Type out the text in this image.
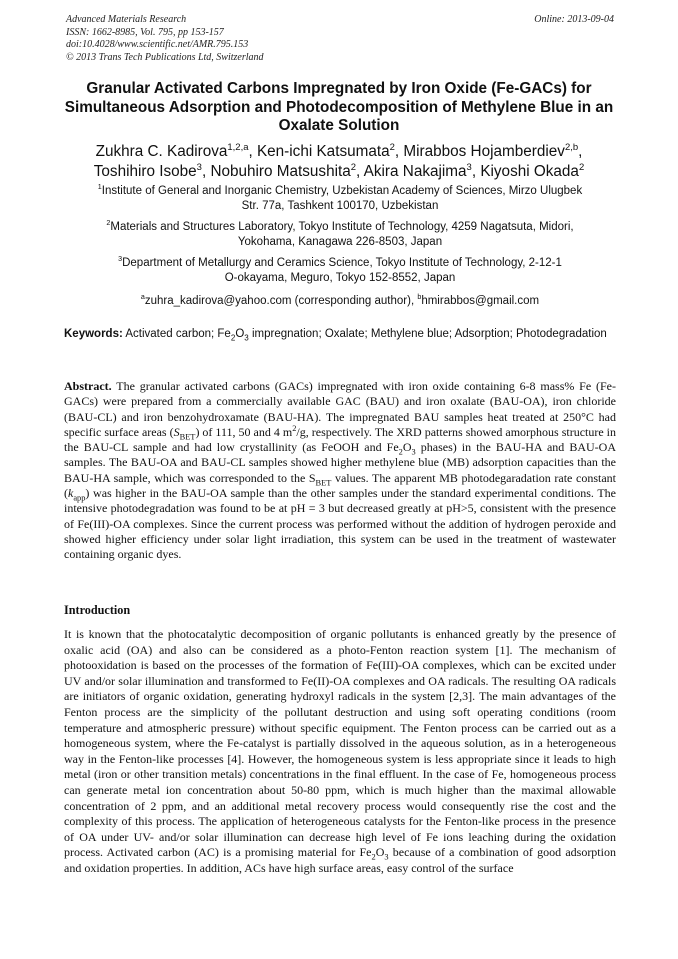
Advanced Materials Research
ISSN: 1662-8985, Vol. 795, pp 153-157
doi:10.4028/www.scientific.net/AMR.795.153
© 2013 Trans Tech Publications Ltd, Switzerland
Online: 2013-09-04
Granular Activated Carbons Impregnated by Iron Oxide (Fe-GACs) for Simultaneous Adsorption and Photodecomposition of Methylene Blue in an Oxalate Solution
Zukhra C. Kadirova$^{1,2,a}$, Ken-ichi Katsumata$^2$, Mirabbos Hojamberdiev$^{2,b}$,
Toshihiro Isobe$^3$, Nobuhiro Matsushita$^2$, Akira Nakajima$^3$, Kiyoshi Okada$^2$
$^1$Institute of General and Inorganic Chemistry, Uzbekistan Academy of Sciences, Mirzo Ulugbek
Str. 77a, Tashkent 100170, Uzbekistan
$^2$Materials and Structures Laboratory, Tokyo Institute of Technology, 4259 Nagatsuta, Midori,
Yokohama, Kanagawa 226-8503, Japan
$^3$Department of Metallurgy and Ceramics Science, Tokyo Institute of Technology, 2-12-1
O-okayama, Meguro, Tokyo 152-8552, Japan
$^a$zuhra_kadirova@yahoo.com (corresponding author), $^b$hmirabbos@gmail.com
Keywords: Activated carbon; $Fe_2O_3$ impregnation; Oxalate; Methylene blue; Adsorption; Photodegradation
Abstract. The granular activated carbons (GACs) impregnated with iron oxide containing 6-8 mass% Fe (Fe-GACs) were prepared from a commercially available GAC (BAU) and iron oxalate (BAU-OA), iron chloride (BAU-CL) and iron benzohydroxamate (BAU-HA). The impregnated BAU samples heat treated at 250°C had specific surface areas $(S_{BET})$ of 111, 50 and 4 $m^2/g$, respectively. The XRD patterns showed amorphous structure in the BAU-CL sample and had low crystallinity (as FeOOH and $Fe_2O_3$ phases) in the BAU-HA and BAU-OA samples. The BAU-OA and BAU-CL samples showed higher methylene blue (MB) adsorption capacities than the BAU-HA sample, which was corresponded to the $S_{BET}$ values. The apparent MB photodegaradation rate constant $(k_{app})$ was higher in the BAU-OA sample than the other samples under the standard experimental conditions. The intensive photodegradation was found to be at pH = 3 but decreased greatly at pH>5, consistent with the presence of Fe(III)-OA complexes. Since the current process was performed without the addition of hydrogen peroxide and showed higher efficiency under solar light irradiation, this system can be used in the treatment of wastewater containing organic dyes.
Introduction
It is known that the photocatalytic decomposition of organic pollutants is enhanced greatly by the presence of oxalic acid (OA) and also can be considered as a photo-Fenton reaction system [1]. The mechanism of photooxidation is based on the processes of the formation of Fe(III)-OA complexes, which can be excited under UV and/or solar illumination and transformed to Fe(II)-OA complexes and OA radicals. The resulting OA radicals are initiators of organic oxidation, generating hydroxyl radicals in the system [2,3]. The main advantages of the Fenton process are the simplicity of the pollutant destruction and using soft operating conditions (room temperature and atmospheric pressure) without specific equipment. The Fenton process can be carried out as a homogeneous system, where the Fe-catalyst is partially dissolved in the aqueous solution, as in a heterogeneous way in the Fenton-like processes [4]. However, the homogeneous system is less appropriate since it leads to high metal (iron or other transition metals) concentrations in the final effluent. In the case of Fe, homogeneous process can generate metal ion concentration about 50-80 ppm, which is much higher than the maximal allowable concentration of 2 ppm, and an additional metal recovery process would consequently rise the cost and the complexity of this process. The application of heterogeneous catalysts for the Fenton-like process in the presence of OA under UV- and/or solar illumination can decrease high level of Fe ions leaching during the oxidation process. Activated carbon (AC) is a promising material for $Fe_2O_3$ because of a combination of good adsorption and oxidation properties. In addition, ACs have high surface areas, easy control of the surface
